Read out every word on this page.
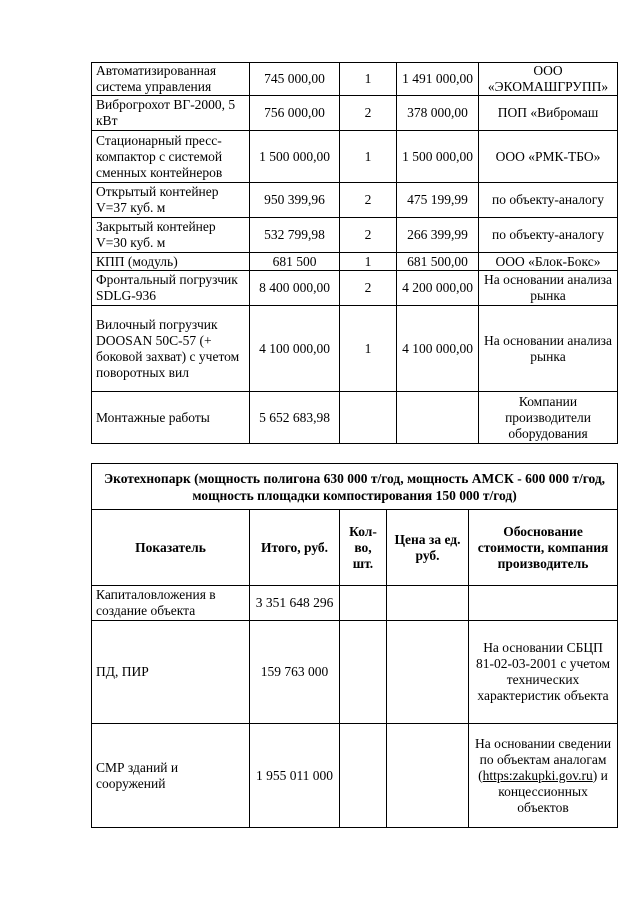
Автоматизированная система управления	745 000,00	1	1 491 000,00	ООО «ЭКОМАШГРУПП»
Виброгрохот ВГ-2000, 5 кВт	756 000,00	2	378 000,00	ПОП «Вибромаш
Стационарный пресс-компактор с системой сменных контейнеров	1 500 000,00	1	1 500 000,00	ООО «РМК-ТБО»
Открытый контейнер V=37 куб. м	950 399,96	2	475 199,99	по объекту-аналогу
Закрытый контейнер V=30 куб. м	532 799,98	2	266 399,99	по объекту-аналогу
КПП (модуль)	681 500	1	681 500,00	ООО «Блок-Бокс»
Фронтальный погрузчик SDLG-936	8 400 000,00	2	4 200 000,00	На основании анализа рынка
Вилочный погрузчик DOOSAN 50C-57 (+ боковой захват) с учетом поворотных вил	4 100 000,00	1	4 100 000,00	На основании анализа рынка
Монтажные работы	5 652 683,98			Компании производители оборудования
Экотехнопарк (мощность полигона 630 000 т/год, мощность АМСК - 600 000 т/год, мощность площадки компостирования 150 000 т/год)				
Показатель	Итого, руб.	Кол-во, шт.	Цена за ед. руб.	Обоснование стоимости, компания производитель
Капиталовложения в создание объекта	3 351 648 296			
ПД, ПИР	159 763 000			На основании СБЦП 81-02-03-2001 с учетом технических характеристик объекта
СМР зданий и сооружений	1 955 011 000			На основании сведении по объектам аналогам (https:zakupki.gov.ru) и концессионных объектов
